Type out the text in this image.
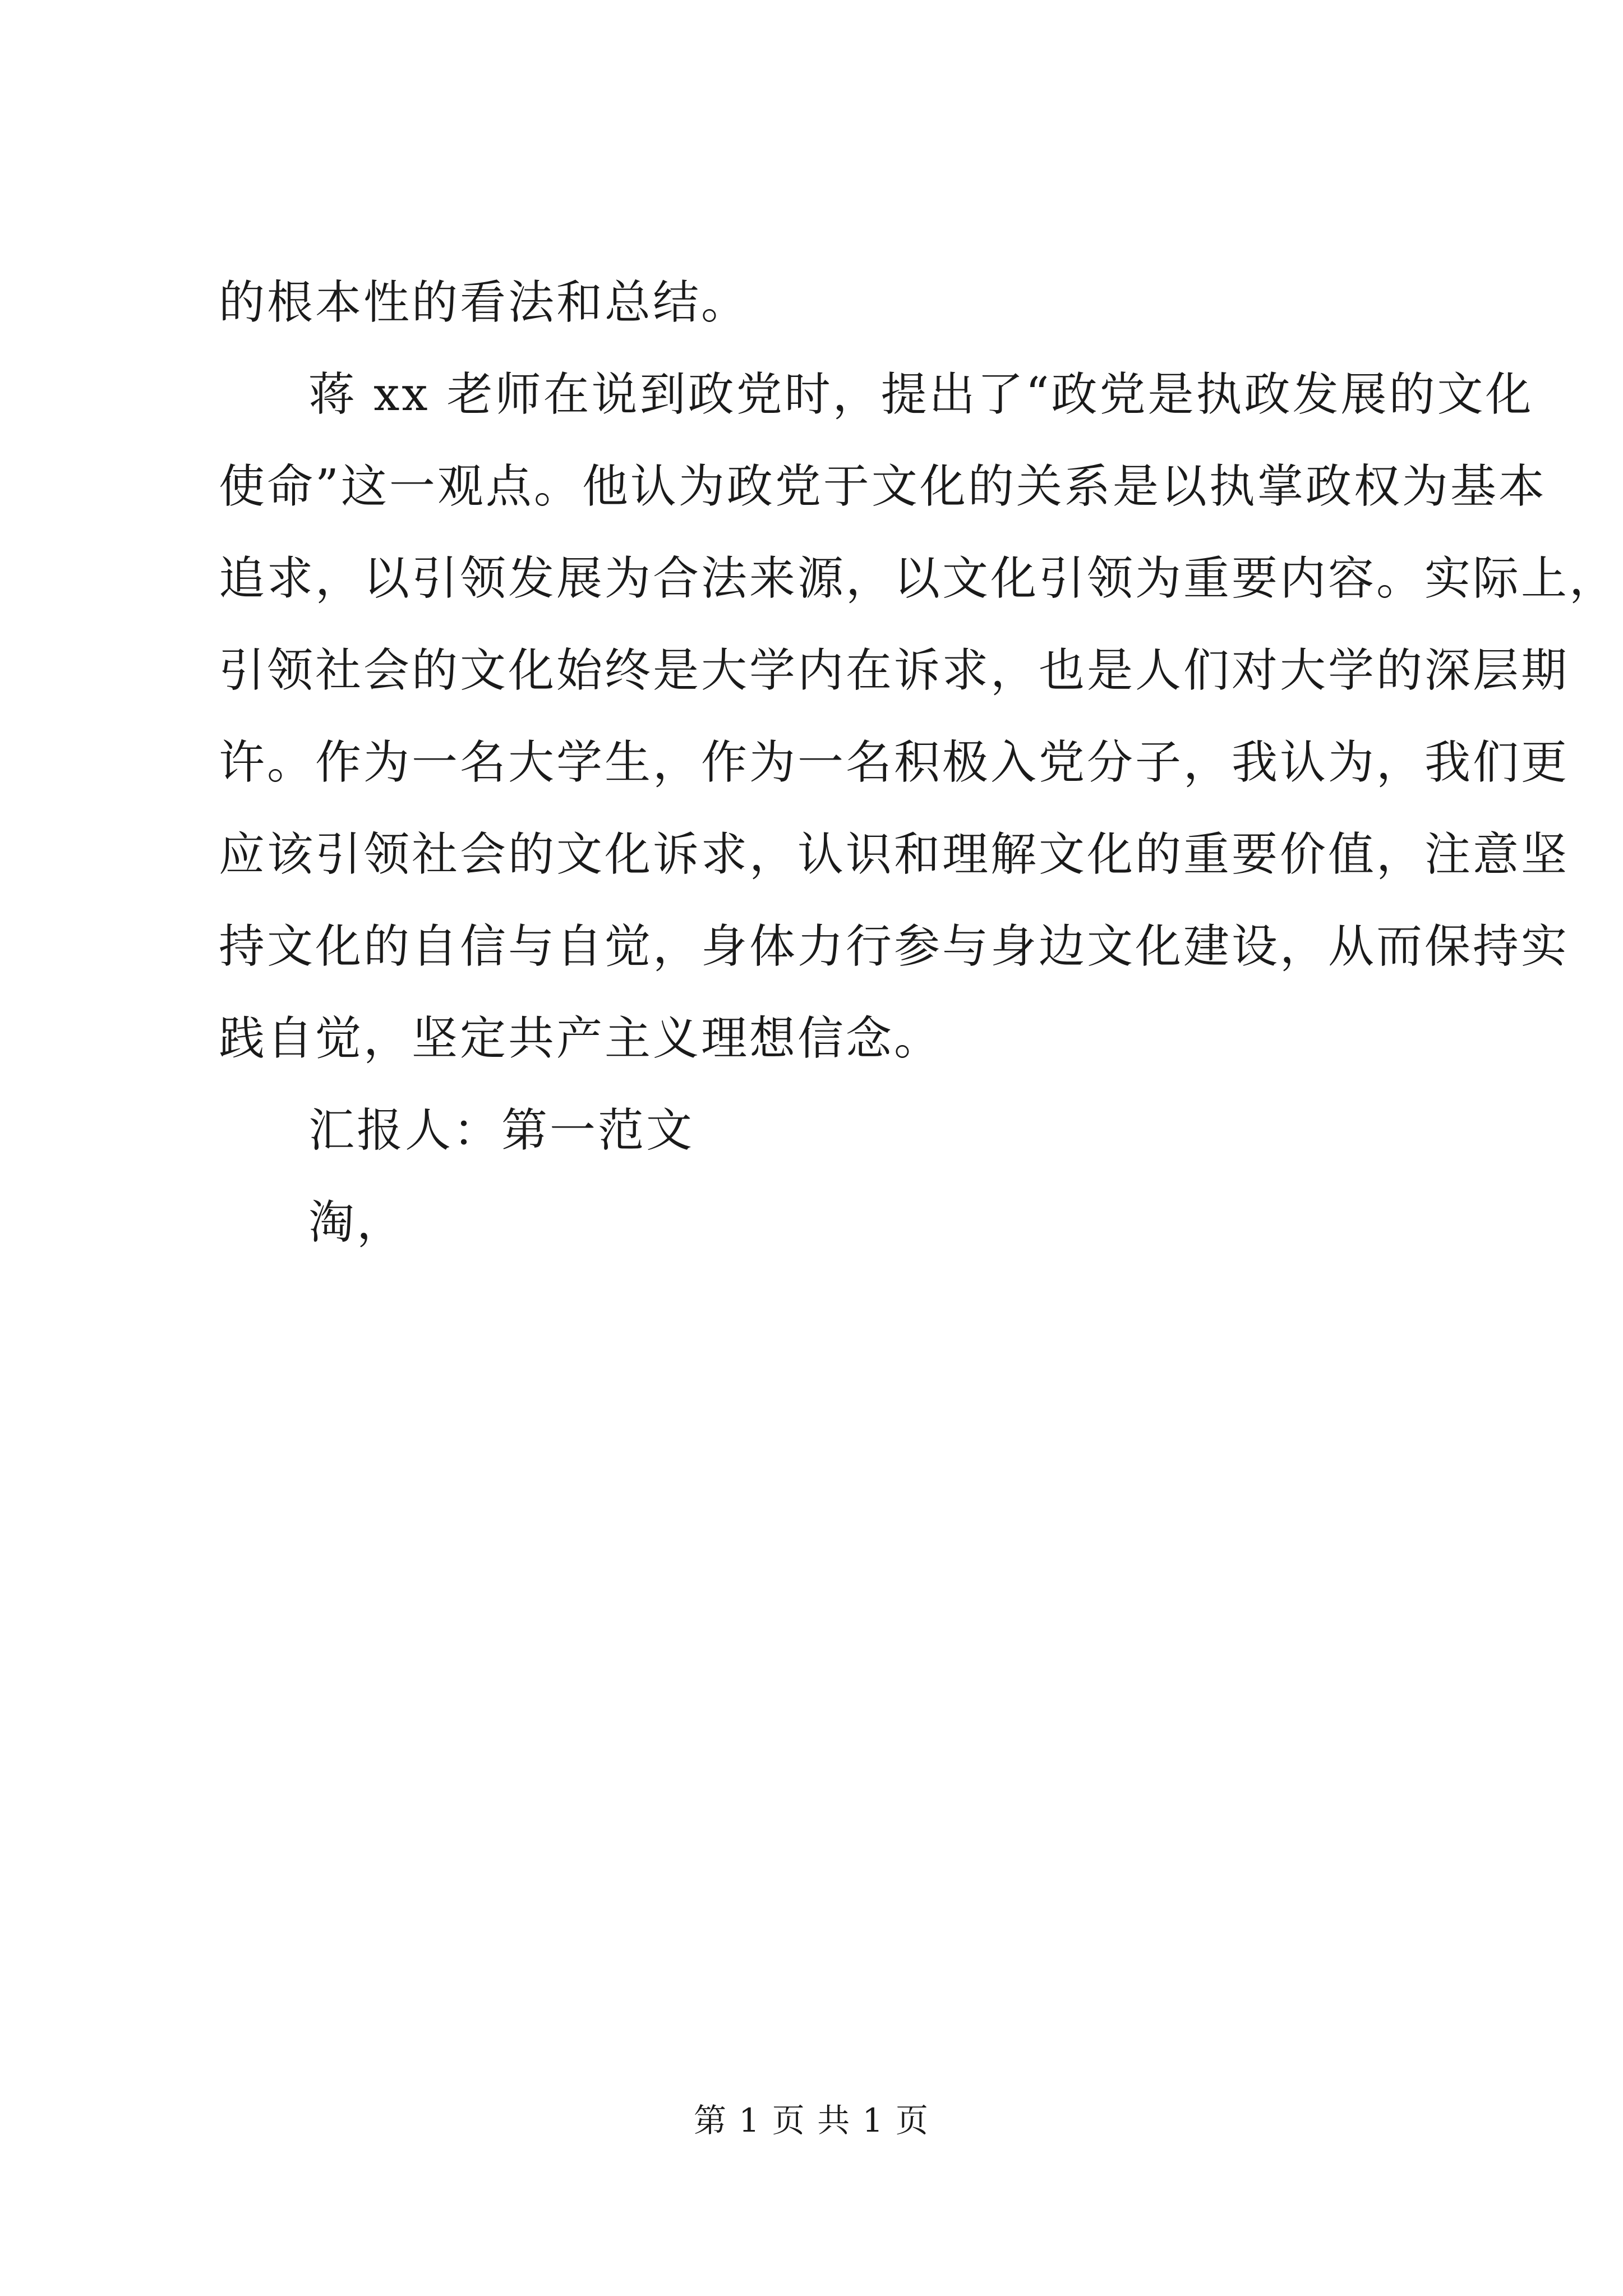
的根本性的看法和总结。
蒋 xx 老师在说到政党时，提出了“政党是执政发展的文化
使命”这一观点。他认为政党于文化的关系是以执掌政权为基本
追求，以引领发展为合法来源，以文化引领为重要内容。实际上，
引领社会的文化始终是大学内在诉求，也是人们对大学的深层期
许。作为一名大学生，作为一名积极入党分子，我认为，我们更
应该引领社会的文化诉求，认识和理解文化的重要价值，注意坚
持文化的自信与自觉，身体力行参与身边文化建设，从而保持实
践自觉，坚定共产主义理想信念。
汇报人：第一范文
淘，
第 1 页 共 1 页
